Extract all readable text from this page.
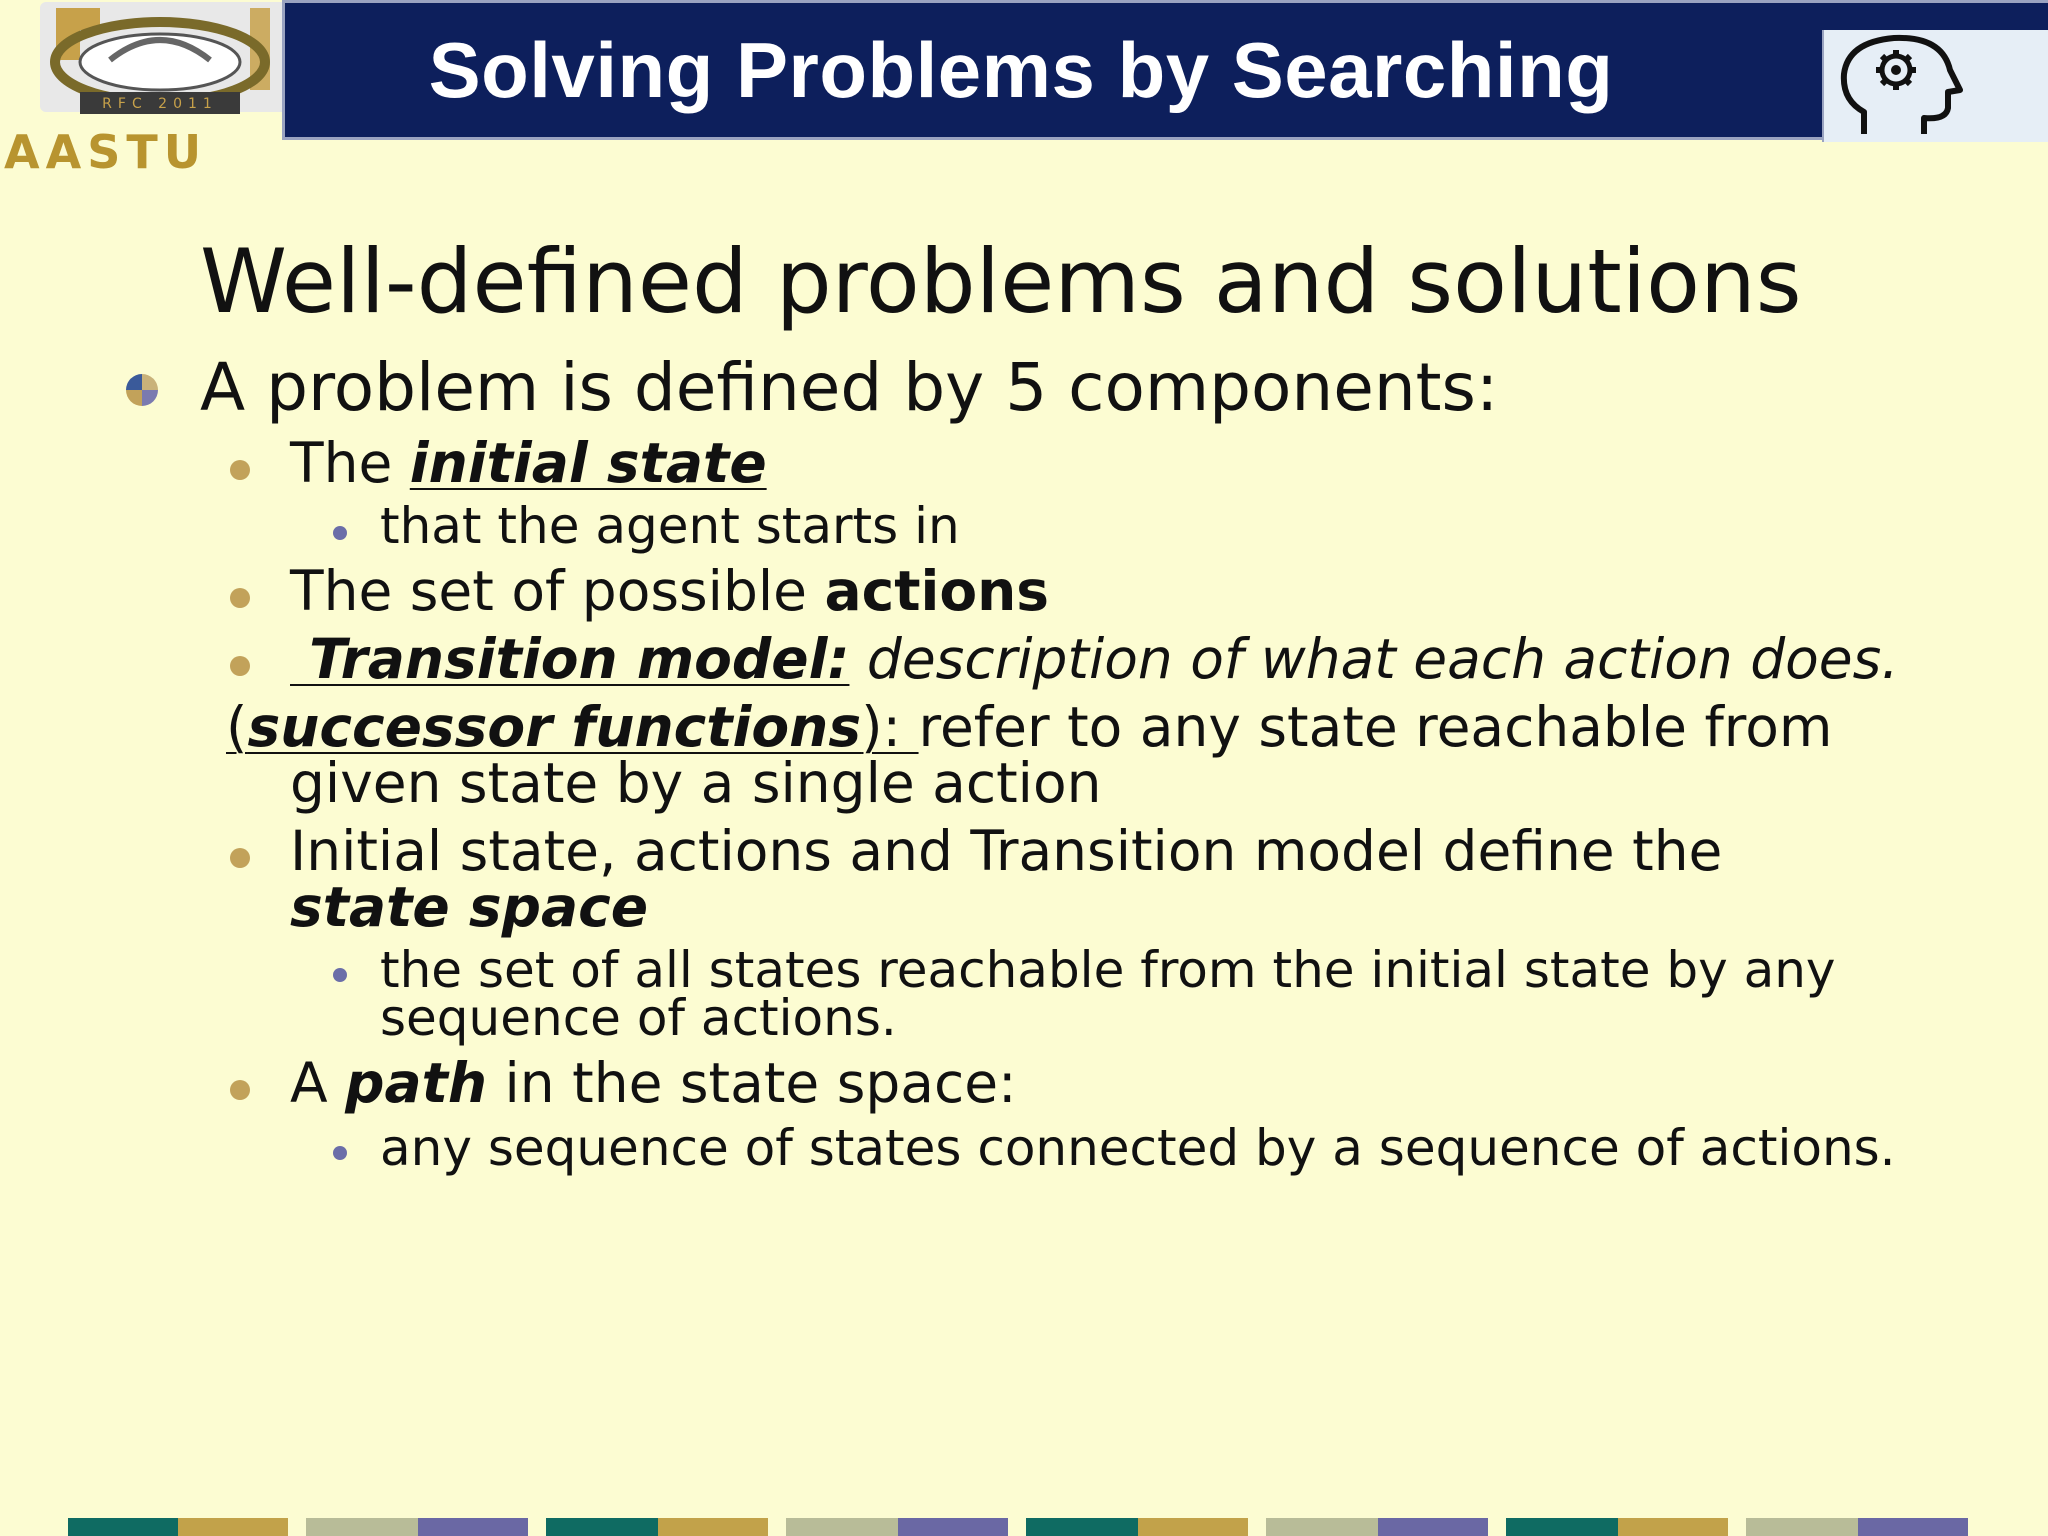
RFC 2011
AASTU
Solving Problems by Searching
Well-defined problems and solutions
A problem is defined by 5 components:
The initial state
that the agent starts in
The set of possible actions
Transition model: description of what each action does.
(successor functions): refer to any state reachable from
given state by a single action
Initial state, actions and Transition model define the
state space
the set of all states reachable from the initial state by any
sequence of actions.
A path in the state space:
any sequence of states connected by a sequence of actions.
